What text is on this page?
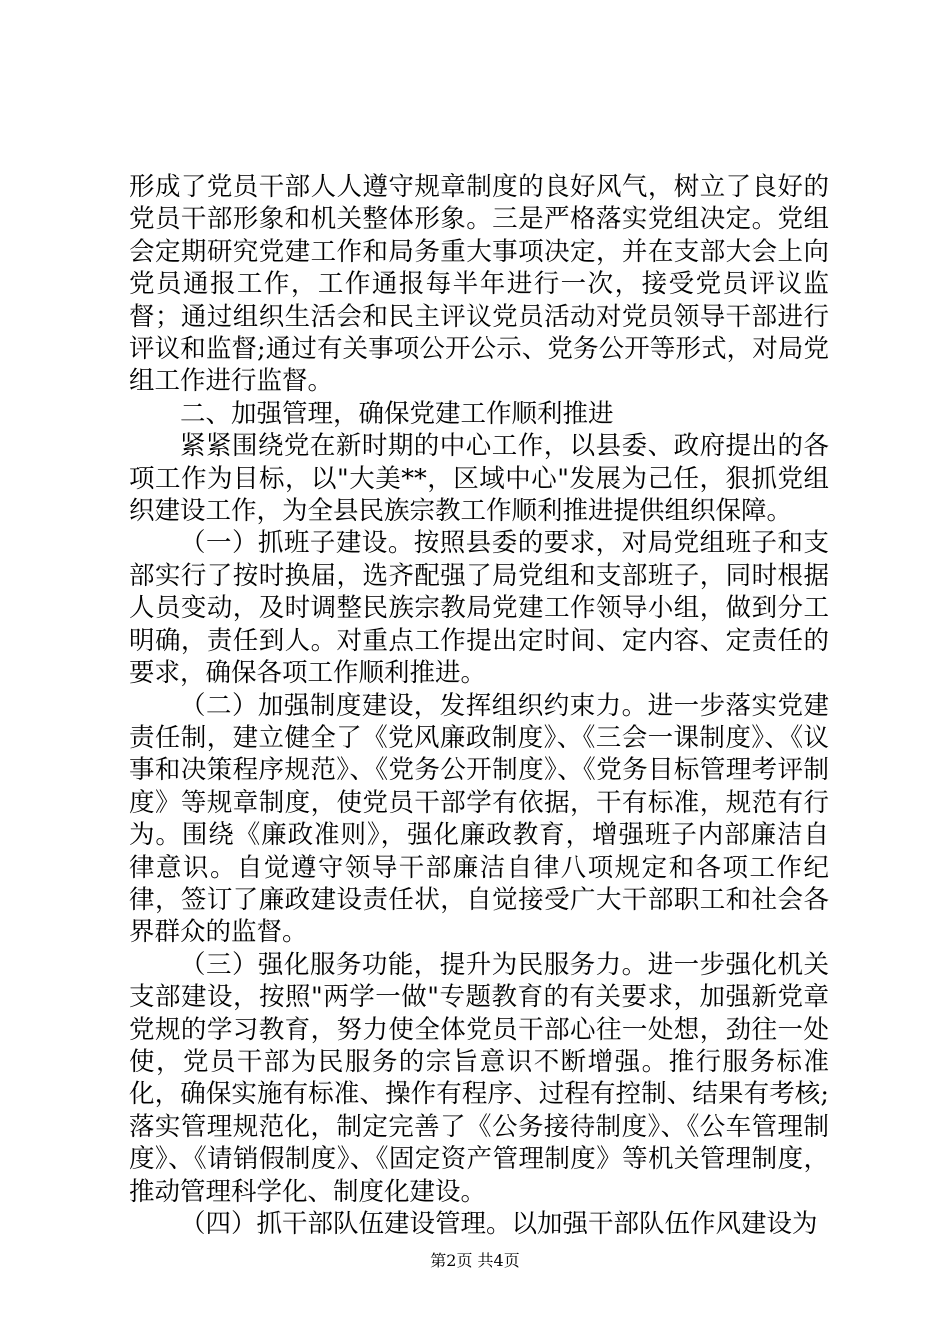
形成了党员干部人人遵守规章制度的良好风气，树立了良好的党员干部形象和机关整体形象。三是严格落实党组决定。党组会定期研究党建工作和局务重大事项决定，并在支部大会上向党员通报工作，工作通报每半年进行一次，接受党员评议监督；通过组织生活会和民主评议党员活动对党员领导干部进行评议和监督;通过有关事项公开公示、党务公开等形式，对局党组工作进行监督。

二、加强管理，确保党建工作顺利推进

紧紧围绕党在新时期的中心工作，以县委、政府提出的各项工作为目标，以"大美**，区域中心"发展为己任，狠抓党组织建设工作，为全县民族宗教工作顺利推进提供组织保障。

（一）抓班子建设。按照县委的要求，对局党组班子和支部实行了按时换届，选齐配强了局党组和支部班子，同时根据人员变动，及时调整民族宗教局党建工作领导小组，做到分工明确，责任到人。对重点工作提出定时间、定内容、定责任的要求，确保各项工作顺利推进。

（二）加强制度建设，发挥组织约束力。进一步落实党建责任制，建立健全了《党风廉政制度》、《三会一课制度》、《议事和决策程序规范》、《党务公开制度》、《党务目标管理考评制度》等规章制度，使党员干部学有依据，干有标准，规范有行为。围绕《廉政准则》，强化廉政教育，增强班子内部廉洁自律意识。自觉遵守领导干部廉洁自律八项规定和各项工作纪律，签订了廉政建设责任状，自觉接受广大干部职工和社会各界群众的监督。

（三）强化服务功能，提升为民服务力。进一步强化机关支部建设，按照"两学一做"专题教育的有关要求，加强新党章党规的学习教育，努力使全体党员干部心往一处想，劲往一处使，党员干部为民服务的宗旨意识不断增强。推行服务标准化，确保实施有标准、操作有程序、过程有控制、结果有考核;落实管理规范化，制定完善了《公务接待制度》、《公车管理制度》、《请销假制度》、《固定资产管理制度》等机关管理制度，推动管理科学化、制度化建设。

（四）抓干部队伍建设管理。以加强干部队伍作风建设为

第2页 共4页
